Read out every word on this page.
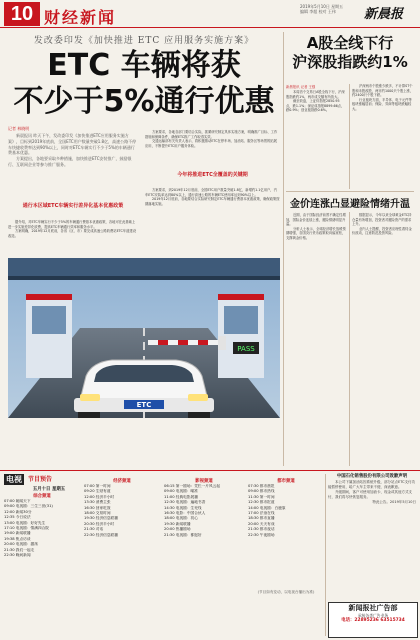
10 财经新闻
2019年5月10日 星期五
编辑 李超 校对 王伟	新晨报
发改委印发《加快推进 ETC 应用服务实施方案》
ETC 车辆将获
不少于5%通行优惠
记者 林晓明

新晨报讯 昨天下午，发改委印发《加快推进ETC应用服务实施方案》，目标到2019年底前，全国ETC用户数量突破1.8亿，高速公路不停车快捷收费率达到90%以上，同时对ETC车辆实行不少于5%的车辆通行费基本优惠。

方案提出，各地要采取多种措施，加快推进ETC安装推广，鼓励银行、互联网企业等参与推广服务。

方案要求，各地各部门要结合实际，抓紧研究制定具体实施方案，明确推广目标、工作措施和保障条件，确保ETC推广工作取得实效。

交通运输部有关负责人表示，将积极推动ETC在停车场、加油站、服务区等场景的拓展应用，不断提升ETC用户服务体验。

通行本区域ETC车辆实行差异化基本优惠政策

据介绍，对ETC车辆实行不少于5%的车辆通行费基本优惠政策，各地可在此基础上进一步实施差异化收费，提高ETC车辆通行效率和服务水平。

方案明确，2019年12月底前，各省（区、市）要完成高速公路收费站ETC车道建设改造。

今年将推进ETC全覆盖的关键期

方案要求，到2019年12月底前，全国ETC用户数量突破1.8亿，新增约1.1亿用户，汽车ETC安装率达到80%以上，通行高速公路的车辆ETC使用率达到90%以上。

2019年12月底前，各地要结合实际研究制定ETC车辆通行费基本优惠政策，确保政策按期落地实施。

PASS
ETC
A股全线下行
沪深股指跌约1%
新晨报讯 记者 王强

本周首个交易日A股全线下行，沪深股指跌约1%，两市成交额有所放大。

截至收盘，上证综指报2850.95点，跌1.1%；深证成指报8899.66点，跌0.9%；创业板指跌0.6%。

沪深两市个股涨少跌多，不计算ST个股和未股改股，两市约1000只个股上涨，约2400只个股下跌。

行业板块方面，半导体、电子元件等板块涨幅居前；保险、券商等板块跌幅较大。

金价连涨凸显避险情绪升温

近期，由于国际经济前景不确定性增加，国际金价连续上涨，避险情绪明显升温。

分析人士表示，全球经济增长放缓预期增强，各国央行货币政策取向偏宽松，支撑黄金价格。

数据显示，今年以来全球黄金ETC持仓量有所增加，投资者对避险资产的需求上升。

业内人士提醒，投资者应理性看待金价波动，注意防范投资风险。

电视	节目预告
五月十日 星期五
综合频道
07:00 朝闻天下
09:00 电视剧：三生三世(31)
12:00 新闻30分
12:35 今日说法
13:00 电视剧：好好先生
17:10 电视剧：情满四合院
19:00 新闻联播
19:38 焦点访谈
20:00 电视剧：激荡
21:30 我们一起走
22:30 晚间新闻
经济频道
07:00 第一时间
09:20 生财有道
12:00 经济半小时
13:30 消费主张
16:30 回家吃饭
18:00 交易时间
19:30 经济信息联播
20:30 经济半小时
21:30 对话
22:30 经济信息联播
影视频道
06:15 第一剧场：凭栏一片风云起
09:00 电视剧：瞄准
11:00 经典电影展播
12:30 电视剧：遍地书香
14:30 电视剧：生死线
16:30 电影：中国合伙人
18:00 电视剧：初心
19:30 新闻联播
20:00 热播剧场
21:30 电视剧：都挺好
都市频道
07:30 都市晨报
09:00 都市热线
11:30 第一时间
12:30 都市报道
14:00 电视剧：白鹿原
17:00 法治在线
18:30 都市直播
20:00 天天有戏
21:30 都市夜话
22:30 午夜剧场
(节目如有变动，以电视台播出为准)
中国石化销售股份有限公司致歉声明

本公司下属加油站因系统升级，部分站点ETC支付功能暂停使用，给广大车主带来不便，深表歉意。

升级期间，客户可使用加油卡、现金或其他方式支付，我们将尽快恢复服务。

特此公告。2019年5月10日
新闻报社广告部
承接各类广告业务
电话：22895236 63515734
